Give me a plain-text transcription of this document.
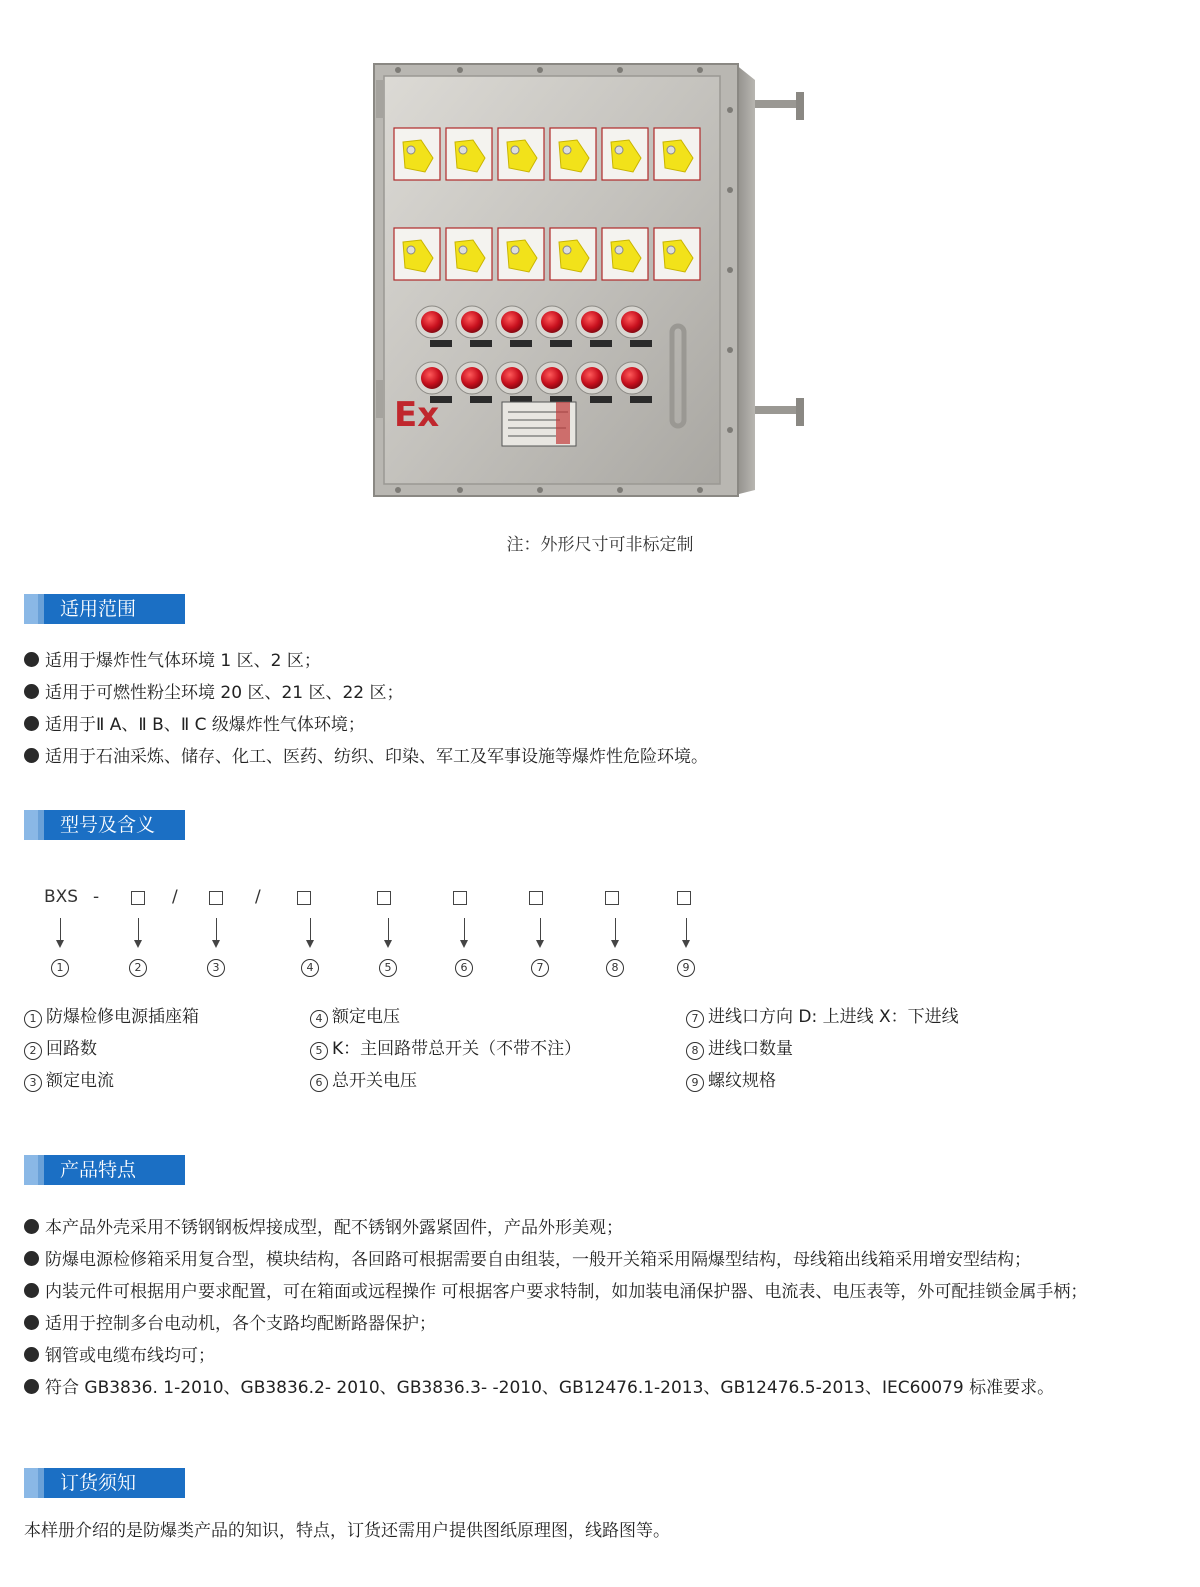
Ex
注：外形尺寸可非标定制
适用范围
适用于爆炸性气体环境 1 区、2 区；
适用于可燃性粉尘环境 20 区、21 区、22 区；
适用于Ⅱ A、Ⅱ B、Ⅱ C 级爆炸性气体环境；
适用于石油采炼、储存、化工、医药、纺织、印染、军工及军事设施等爆炸性危险环境。
型号及含义
BXS -	/	/
1	2	3	4	5	6	7	8	9
1 防爆检修电源插座箱
2 回路数
3 额定电流
4 额定电压
5 K：主回路带总开关（不带不注）
6 总开关电压
7 进线口方向 D: 上进线 X：下进线
8 进线口数量
9 螺纹规格
产品特点
本产品外壳采用不锈钢钢板焊接成型，配不锈钢外露紧固件，产品外形美观；
防爆电源检修箱采用复合型，模块结构，各回路可根据需要自由组装，一般开关箱采用隔爆型结构，母线箱出线箱采用增安型结构；
内装元件可根据用户要求配置，可在箱面或远程操作 可根据客户要求特制，如加装电涌保护器、电流表、电压表等，外可配挂锁金属手柄；
适用于控制多台电动机，各个支路均配断路器保护；
钢管或电缆布线均可；
符合 GB3836. 1-2010、GB3836.2- 2010、GB3836.3- -2010、GB12476.1-2013、GB12476.5-2013、IEC60079 标准要求。
订货须知
本样册介绍的是防爆类产品的知识，特点，订货还需用户提供图纸原理图，线路图等。
